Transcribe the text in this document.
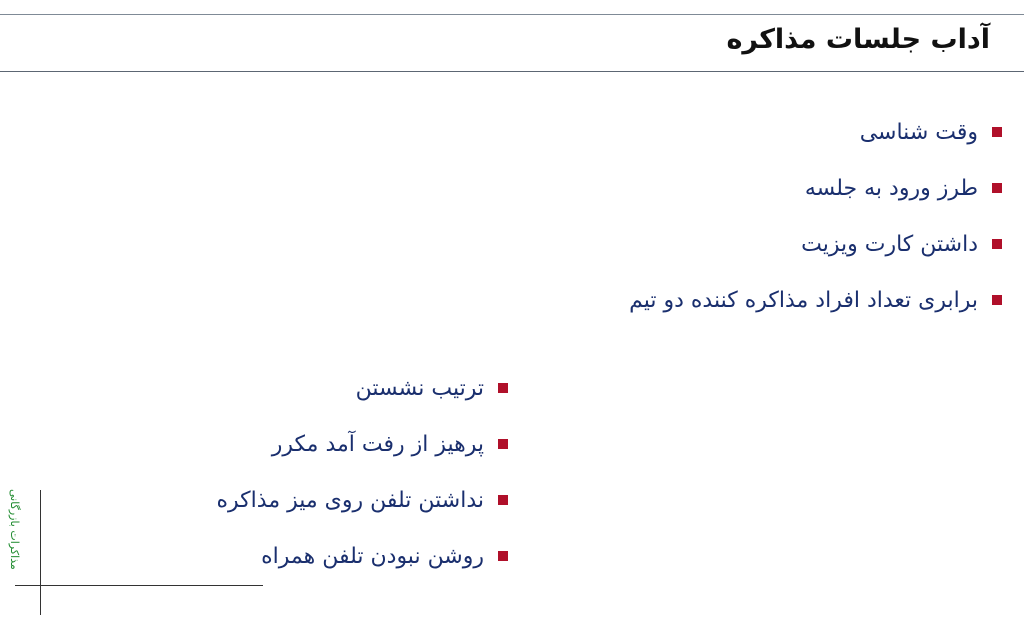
آداب جلسات مذاکره
وقت شناسی
طرز ورود به جلسه
داشتن کارت ویزیت
برابری تعداد افراد مذاکره کننده دو تیم
ترتیب نشستن
پرهیز از رفت آمد مکرر
نداشتن تلفن روی میز مذاکره
روشن نبودن تلفن همراه
مذاکرات بازرگانی
